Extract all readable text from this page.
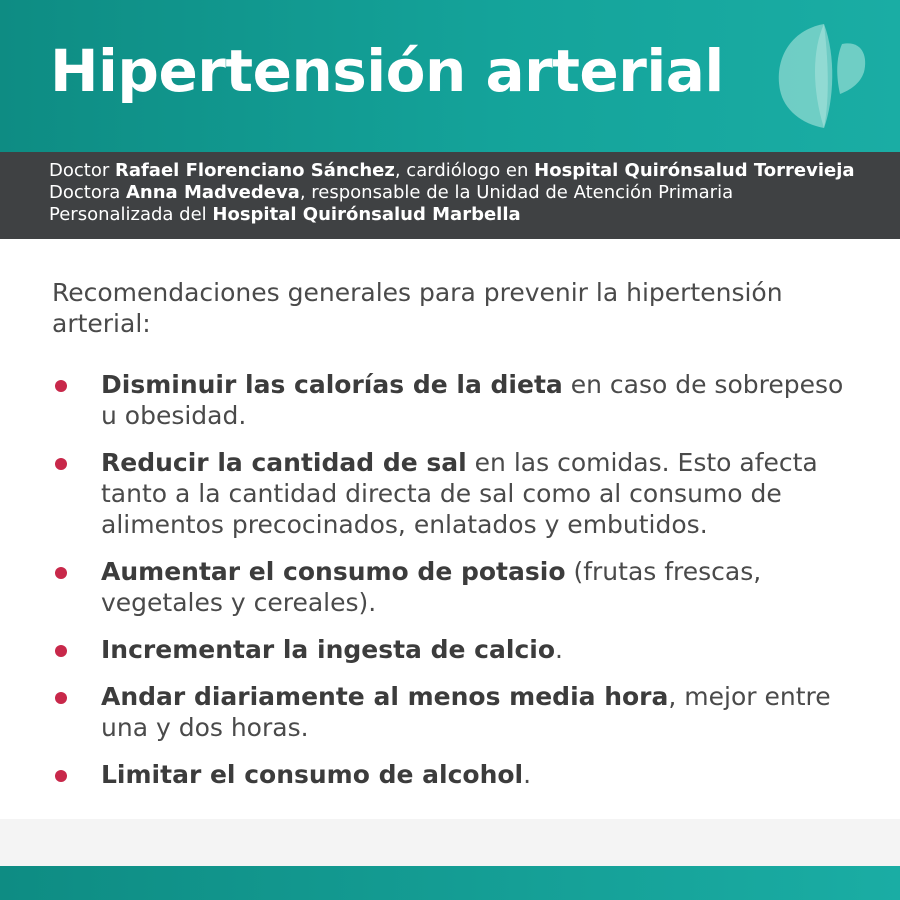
Hipertensión arterial
Doctor Rafael Florenciano Sánchez, cardiólogo en Hospital Quirónsalud Torrevieja
Doctora Anna Madvedeva, responsable de la Unidad de Atención Primaria
Personalizada del Hospital Quirónsalud Marbella

Recomendaciones generales para prevenir la hipertensión arterial:

Disminuir las calorías de la dieta en caso de sobrepeso u obesidad.
Reducir la cantidad de sal en las comidas. Esto afecta tanto a la cantidad directa de sal como al consumo de alimentos precocinados, enlatados y embutidos.
Aumentar el consumo de potasio (frutas frescas, vegetales y cereales).
Incrementar la ingesta de calcio.
Andar diariamente al menos media hora, mejor entre una y dos horas.
Limitar el consumo de alcohol.
